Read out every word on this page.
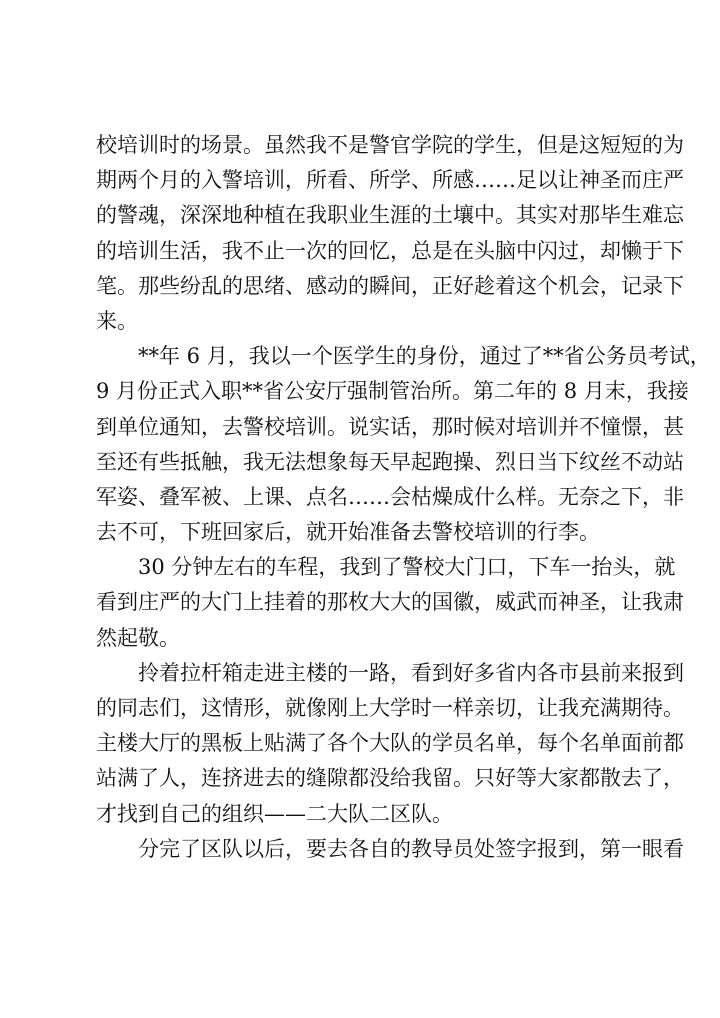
校培训时的场景。虽然我不是警官学院的学生，但是这短短的为
期两个月的入警培训，所看、所学、所感……足以让神圣而庄严
的警魂，深深地种植在我职业生涯的土壤中。其实对那毕生难忘
的培训生活，我不止一次的回忆，总是在头脑中闪过，却懒于下
笔。那些纷乱的思绪、感动的瞬间，正好趁着这个机会，记录下
来。
**年 6 月，我以一个医学生的身份，通过了**省公务员考试，
9 月份正式入职**省公安厅强制管治所。第二年的 8 月末，我接
到单位通知，去警校培训。说实话，那时候对培训并不憧憬，甚
至还有些抵触，我无法想象每天早起跑操、烈日当下纹丝不动站
军姿、叠军被、上课、点名……会枯燥成什么样。无奈之下，非
去不可，下班回家后，就开始准备去警校培训的行李。
30 分钟左右的车程，我到了警校大门口，下车一抬头，就
看到庄严的大门上挂着的那枚大大的国徽，威武而神圣，让我肃
然起敬。
拎着拉杆箱走进主楼的一路，看到好多省内各市县前来报到
的同志们，这情形，就像刚上大学时一样亲切，让我充满期待。
主楼大厅的黑板上贴满了各个大队的学员名单，每个名单面前都
站满了人，连挤进去的缝隙都没给我留。只好等大家都散去了，
才找到自己的组织——二大队二区队。
分完了区队以后，要去各自的教导员处签字报到，第一眼看
